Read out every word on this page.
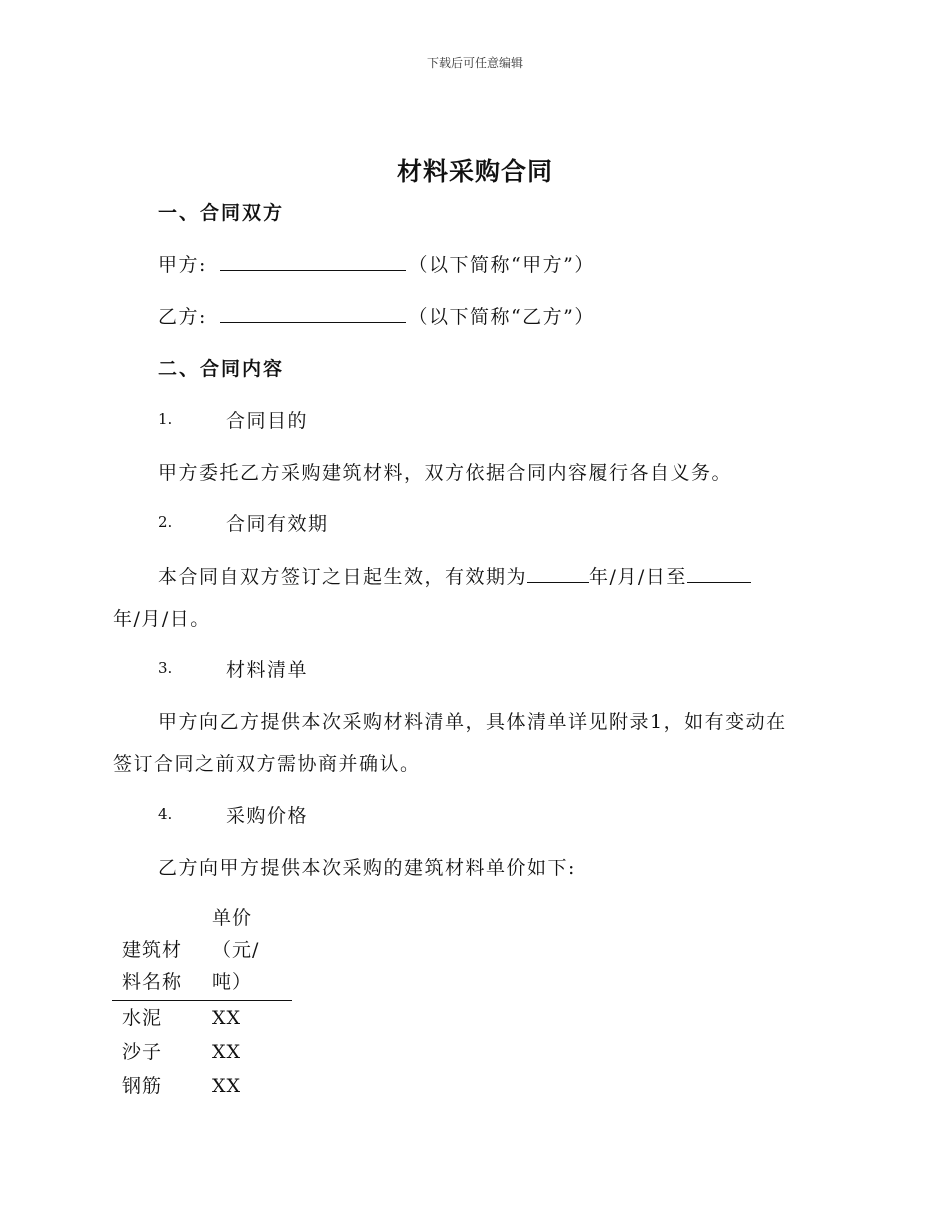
下载后可任意编辑
材料采购合同
一、合同双方
甲方:	（以下简称“甲方”）
乙方:	（以下简称“乙方”）
二、合同内容
1.	合同目的
甲方委托乙方采购建筑材料，双方依据合同内容履行各自义务。
2.	合同有效期
本合同自双方签订之日起生效，有效期为	年/月/日至
年/月/日。
3.	材料清单
甲方向乙方提供本次采购材料清单，具体清单详见附录1，如有变动在
签订合同之前双方需协商并确认。
4.	采购价格
乙方向甲方提供本次采购的建筑材料单价如下:
建筑材料名称	单价（元/吨）
水泥	XX
沙子	XX
钢筋	XX
